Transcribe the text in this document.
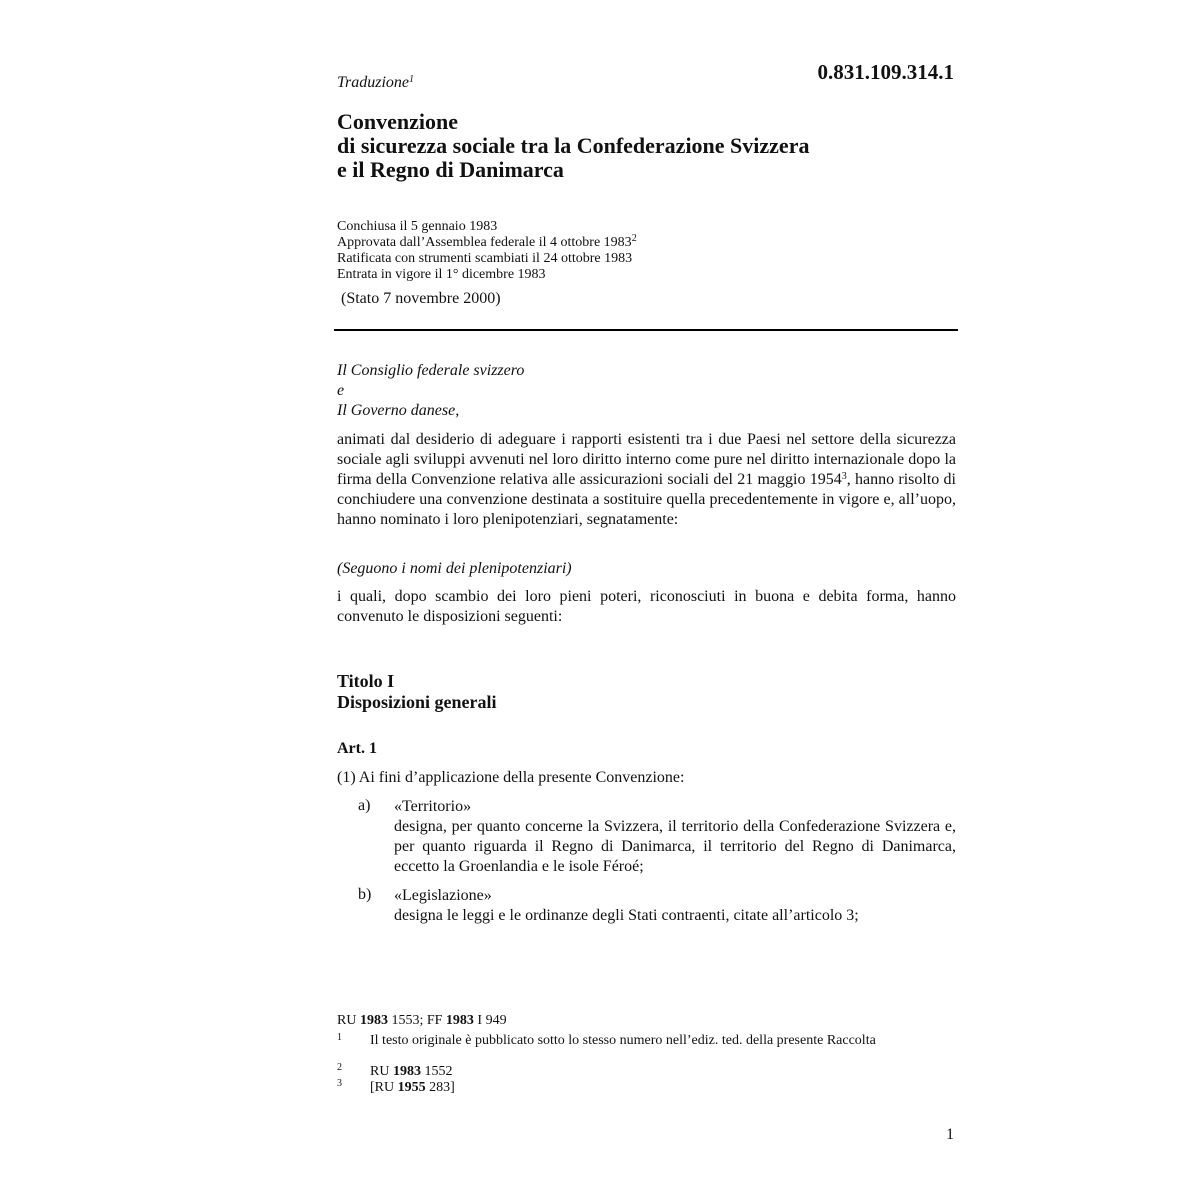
0.831.109.314.1
Traduzione$^1$
Convenzione
di sicurezza sociale tra la Confederazione Svizzera
e il Regno di Danimarca
Conchiusa il 5 gennaio 1983
Approvata dall’Assemblea federale il 4 ottobre 1983$^2$
Ratificata con strumenti scambiati il 24 ottobre 1983
Entrata in vigore il 1° dicembre 1983
(Stato 7 novembre 2000)
Il Consiglio federale svizzero
e
Il Governo danese,
animati dal desiderio di adeguare i rapporti esistenti tra i due Paesi nel settore della sicurezza sociale agli sviluppi avvenuti nel loro diritto interno come pure nel diritto internazionale dopo la firma della Convenzione relativa alle assicurazioni sociali del 21 maggio 1954$^3$, hanno risolto di conchiudere una convenzione destinata a sostituire quella precedentemente in vigore e, all’uopo, hanno nominato i loro plenipotenziari, segnatamente:
(Seguono i nomi dei plenipotenziari)
i quali, dopo scambio dei loro pieni poteri, riconosciuti in buona e debita forma, hanno convenuto le disposizioni seguenti:
Titolo I
Disposizioni generali
Art. 1
(1) Ai fini d’applicazione della presente Convenzione:
a) «Territorio»
designa, per quanto concerne la Svizzera, il territorio della Confederazione Svizzera e, per quanto riguarda il Regno di Danimarca, il territorio del Regno di Danimarca, eccetto la Groenlandia e le isole Féroé;
b) «Legislazione»
designa le leggi e le ordinanze degli Stati contraenti, citate all’articolo 3;
RU 1983 1553; FF 1983 I 949
1 Il testo originale è pubblicato sotto lo stesso numero nell’ediz. ted. della presente Raccolta
2 RU 1983 1552
3 [RU 1955 283]
1
